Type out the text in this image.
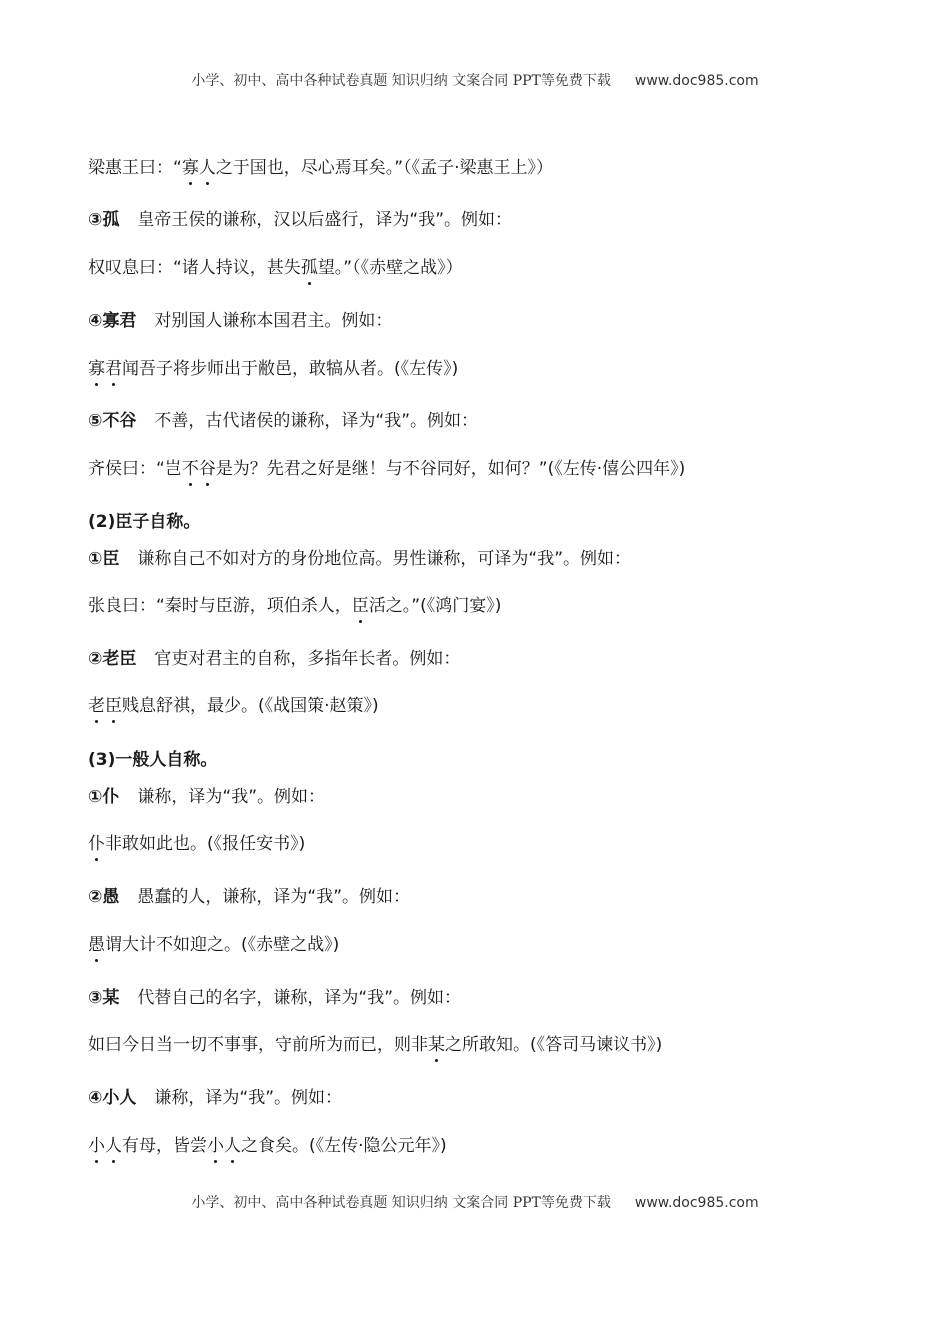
小学、初中、高中各种试卷真题 知识归纳 文案合同 PPT等免费下载 www.doc985.com
梁惠王曰：“寡人之于国也，尽心焉耳矣。”（《孟子·梁惠王上》）
③孤 皇帝王侯的谦称，汉以后盛行，译为“我”。例如：
权叹息曰：“诸人持议，甚失孤望。”（《赤壁之战》）
④寡君 对别国人谦称本国君主。例如：
寡君闻吾子将步师出于敝邑，敢犒从者。(《左传》)
⑤不谷 不善，古代诸侯的谦称，译为“我”。例如：
齐侯曰：“岂不谷是为？先君之好是继！与不谷同好，如何？”(《左传·僖公四年》)
(2)臣子自称。
①臣 谦称自己不如对方的身份地位高。男性谦称，可译为“我”。例如：
张良曰：“秦时与臣游，项伯杀人，臣活之。”(《鸿门宴》)
②老臣 官吏对君主的自称，多指年长者。例如：
老臣贱息舒祺，最少。(《战国策·赵策》)
(3)一般人自称。
①仆 谦称，译为“我”。例如：
仆非敢如此也。(《报任安书》)
②愚 愚蠢的人，谦称，译为“我”。例如：
愚谓大计不如迎之。(《赤壁之战》)
③某 代替自己的名字，谦称，译为“我”。例如：
如曰今日当一切不事事，守前所为而已，则非某之所敢知。(《答司马谏议书》)
④小人 谦称，译为“我”。例如：
小人有母，皆尝小人之食矣。(《左传·隐公元年》)
小学、初中、高中各种试卷真题 知识归纳 文案合同 PPT等免费下载 www.doc985.com
